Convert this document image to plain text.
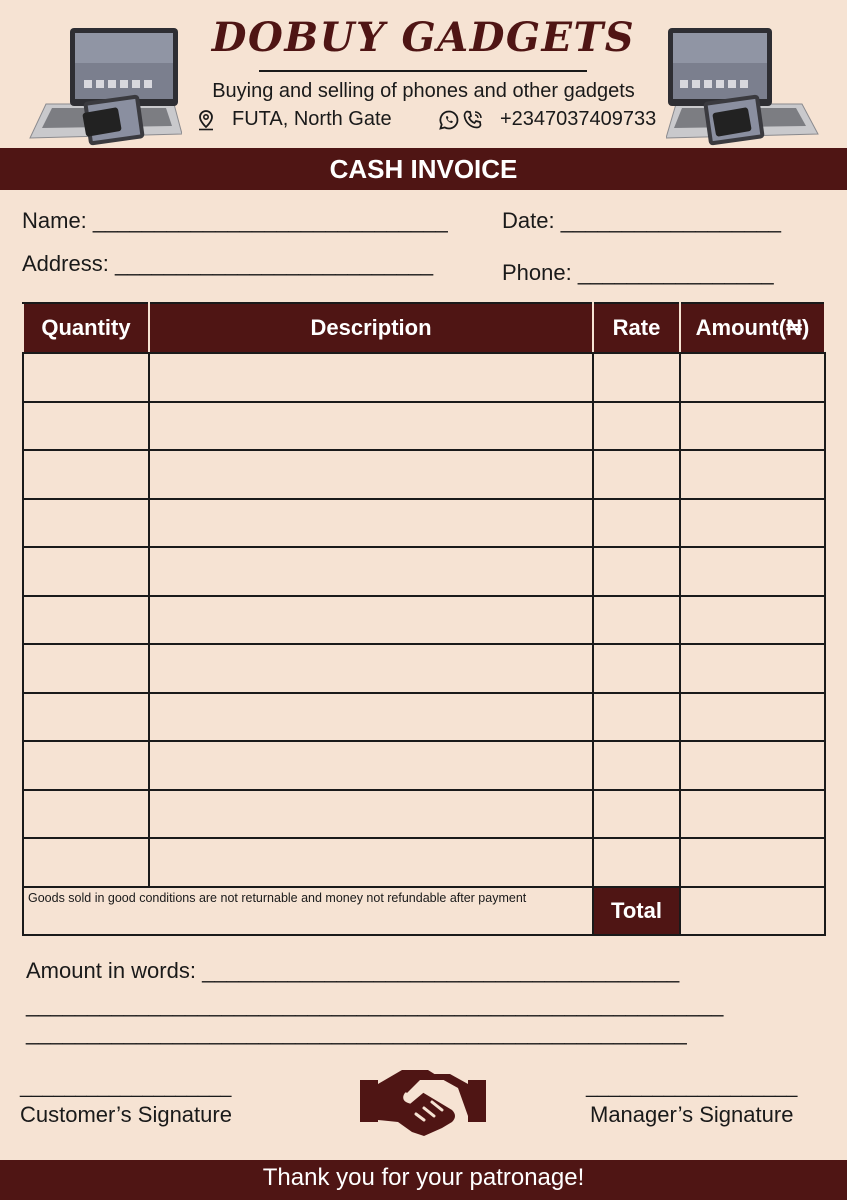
DOBUY GADGETS
Buying and selling of phones and other gadgets
FUTA, North Gate	+2347037409733
CASH INVOICE
Name: _____________________________ Date: __________________
Address: __________________________	Phone: ________________
Quantity	Description	Rate	Amount(₦)

Goods sold in good conditions are not returnable and money not refundable after payment		Total	
Amount in words: _______________________________________
_________________________________________________________
______________________________________________________
___________________
Customer’s Signature
___________________
Manager’s Signature
Thank you for your patronage!
